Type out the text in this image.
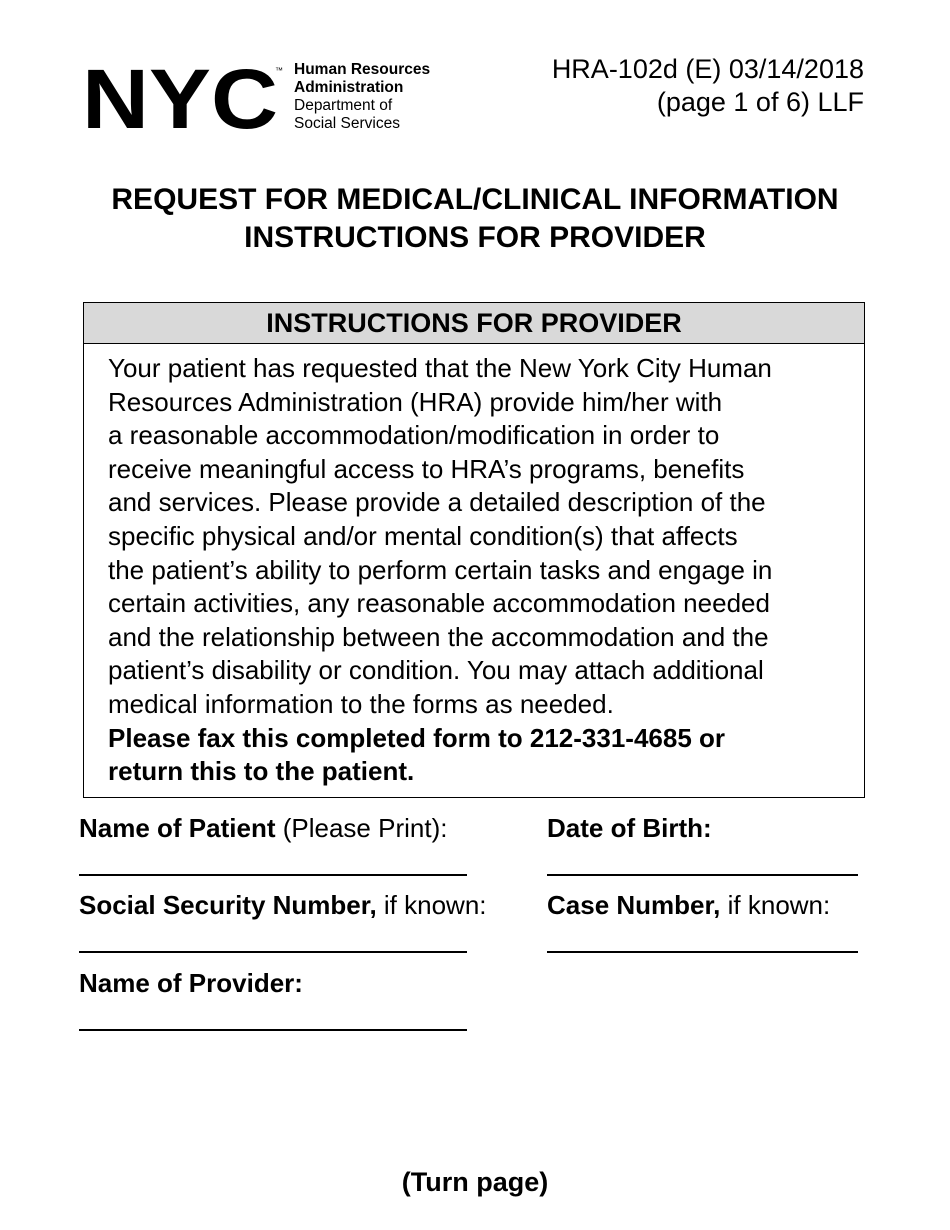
NYC
™ Human Resources
Administration
Department of
Social Services
HRA-102d (E) 03/14/2018
(page 1 of 6) LLF
REQUEST FOR MEDICAL/CLINICAL INFORMATION
INSTRUCTIONS FOR PROVIDER
INSTRUCTIONS FOR PROVIDER
Your patient has requested that the New York City Human
Resources Administration (HRA) provide him/her with
a reasonable accommodation/modification in order to
receive meaningful access to HRA’s programs, benefits
and services. Please provide a detailed description of the
specific physical and/or mental condition(s) that affects
the patient’s ability to perform certain tasks and engage in
certain activities, any reasonable accommodation needed
and the relationship between the accommodation and the
patient’s disability or condition. You may attach additional
medical information to the forms as needed.
Please fax this completed form to 212-331-4685 or
return this to the patient.
Name of Patient (Please Print):	Date of Birth:
Social Security Number, if known: Case Number, if known:
Name of Provider:
(Turn page)
